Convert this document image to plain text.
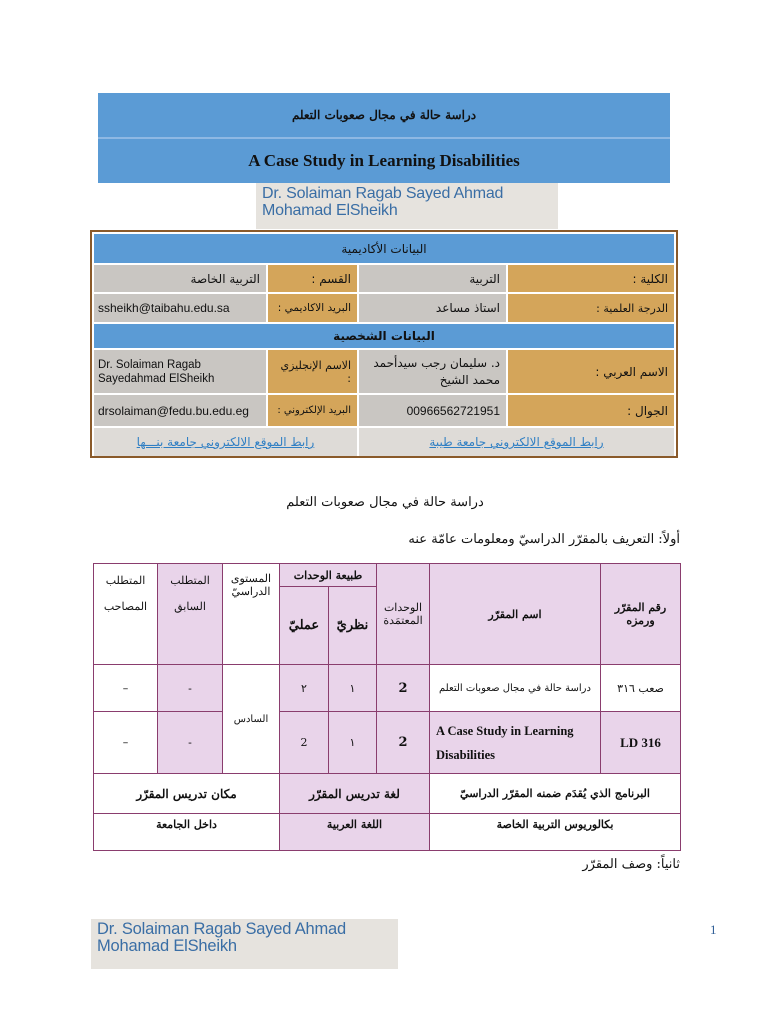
دراسة حالة في مجال صعوبات التعلم
A Case Study in Learning Disabilities
Dr. Solaiman Ragab Sayed Ahmad Mohamad ElSheikh
البيانات الأكاديمية
الكلية :
التربية
القسم :
التربية الخاصة
الدرجة العلمية :
استاذ مساعد
البريد الاكاديمي :
ssheikh@taibahu.edu.sa
البيانات الشخصية
الاسم العربي :
د. سليمان رجب سيدأحمد محمد الشيخ
الاسم الإنجليزي :
Dr. Solaiman Ragab Sayedahmad ElSheikh
الجوال :
00966562721951
البريد الإلكتروني :
drsolaiman@fedu.bu.edu.eg
رابط الموقع الالكتروني جامعة طيبة
رابط الموقع الالكتروني جامعة بنـــها
دراسة حالة في مجال صعوبات التعلم
أولاً: التعريف بالمقرّر الدراسيّ ومعلومات عامّة عنه
رقم المقرّر ورمزه
اسم المقرّر
الوحدات المعتمَدة
طبيعة الوحدات
نظريّ
عمليّ
المستوى الدراسيّ
المتطلب السابق
المتطلب المصاحب
صعب ٣١٦
دراسة حالة في مجال صعوبات التعلم
2
١
٢
السادس
-
–
LD 316
A Case Study in Learning Disabilities
2
١
2
-
–
البرنامج الذي يُقدَم ضمنه المقرّر الدراسيّ
لغة تدريس المقرّر
مكان تدريس المقرّر
بكالوريوس التربية الخاصة
اللغة العربية
داخل الجامعة
ثانياً: وصف المقرّر
Dr. Solaiman Ragab Sayed Ahmad Mohamad ElSheikh
1
